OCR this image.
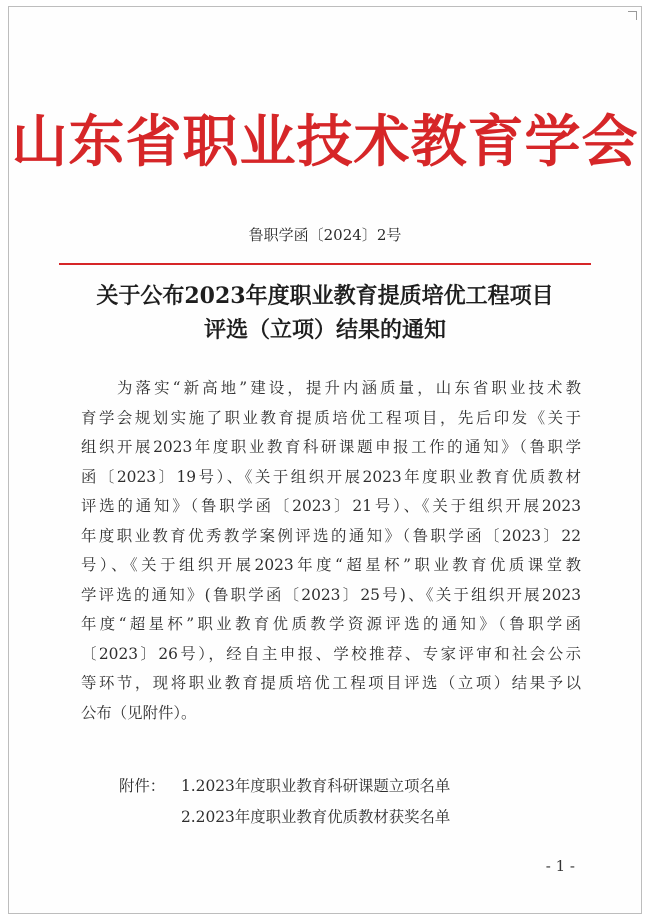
山东省职业技术教育学会
鲁职学函〔2024〕2号
关于公布2023年度职业教育提质培优工程项目
评选（立项）结果的通知
为落实“新高地”建设，提升内涵质量，山东省职业技术教
育学会规划实施了职业教育提质培优工程项目，先后印发《关于
组织开展2023年度职业教育科研课题申报工作的通知》（鲁职学
函〔2023〕19号）、《关于组织开展2023年度职业教育优质教材
评选的通知》（鲁职学函〔2023〕21号）、《关于组织开展2023
年度职业教育优秀教学案例评选的通知》（鲁职学函〔2023〕22
号）、《关于组织开展2023年度“超星杯”职业教育优质课堂教
学评选的通知》(鲁职学函〔2023〕25号)、《关于组织开展2023
年度“超星杯”职业教育优质教学资源评选的通知》（鲁职学函
〔2023〕26号），经自主申报、学校推荐、专家评审和社会公示
等环节，现将职业教育提质培优工程项目评选（立项）结果予以
公布（见附件）。
附件： 1.2023年度职业教育科研课题立项名单
2.2023年度职业教育优质教材获奖名单
- 1 -
